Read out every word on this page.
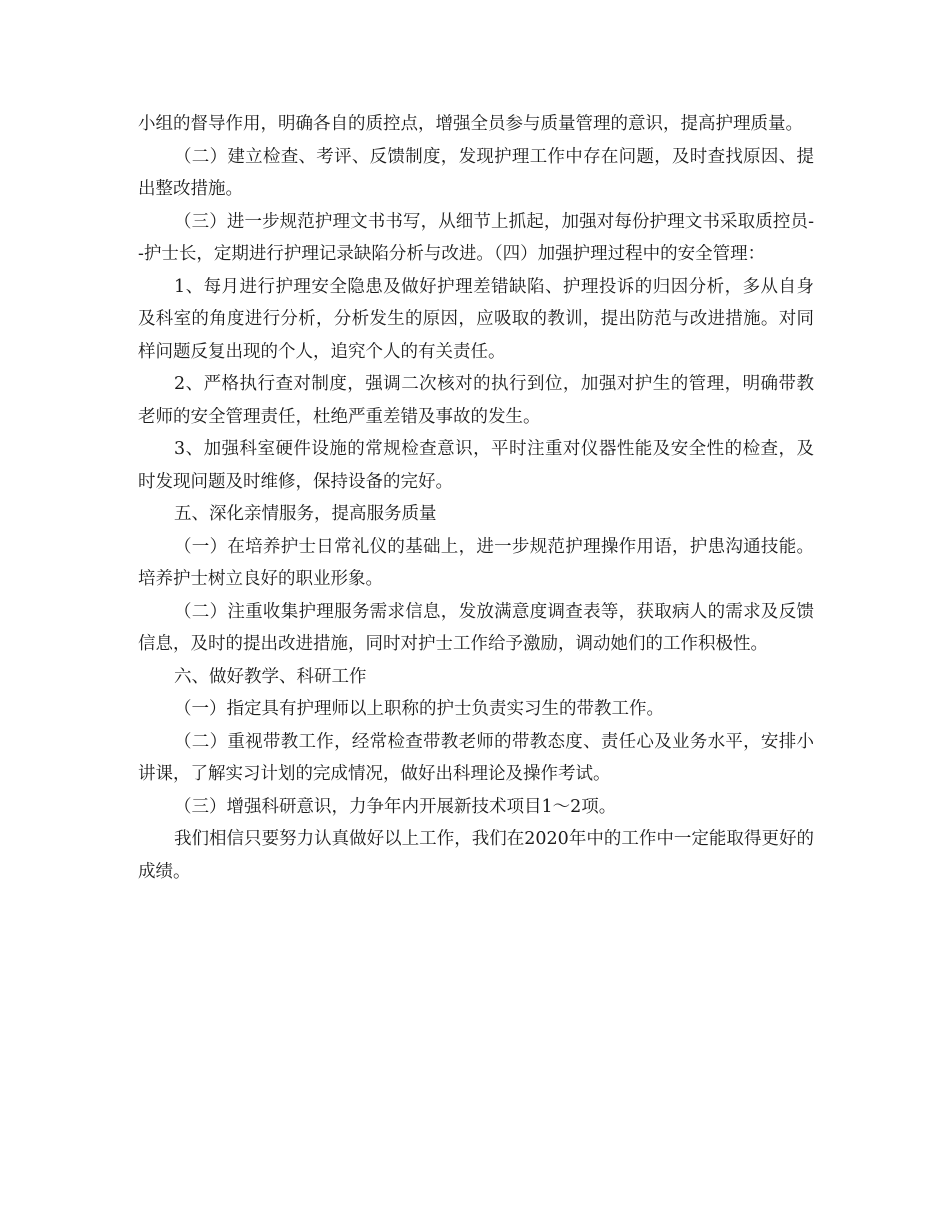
小组的督导作用，明确各自的质控点，增强全员参与质量管理的意识，提高护理质量。

（二）建立检查、考评、反馈制度，发现护理工作中存在问题，及时查找原因、提出整改措施。

（三）进一步规范护理文书书写，从细节上抓起，加强对每份护理文书采取质控员--护士长，定期进行护理记录缺陷分析与改进。（四）加强护理过程中的安全管理：

1、每月进行护理安全隐患及做好护理差错缺陷、护理投诉的归因分析，多从自身及科室的角度进行分析，分析发生的原因，应吸取的教训，提出防范与改进措施。对同样问题反复出现的个人，追究个人的有关责任。

2、严格执行查对制度，强调二次核对的执行到位，加强对护生的管理，明确带教老师的安全管理责任，杜绝严重差错及事故的发生。

3、加强科室硬件设施的常规检查意识，平时注重对仪器性能及安全性的检查，及时发现问题及时维修，保持设备的完好。

五、深化亲情服务，提高服务质量

（一）在培养护士日常礼仪的基础上，进一步规范护理操作用语，护患沟通技能。培养护士树立良好的职业形象。

（二）注重收集护理服务需求信息，发放满意度调查表等，获取病人的需求及反馈信息，及时的提出改进措施，同时对护士工作给予激励，调动她们的工作积极性。

六、做好教学、科研工作

（一）指定具有护理师以上职称的护士负责实习生的带教工作。

（二）重视带教工作，经常检查带教老师的带教态度、责任心及业务水平，安排小讲课，了解实习计划的完成情况，做好出科理论及操作考试。

（三）增强科研意识，力争年内开展新技术项目1～2项。

我们相信只要努力认真做好以上工作，我们在2020年中的工作中一定能取得更好的成绩。
